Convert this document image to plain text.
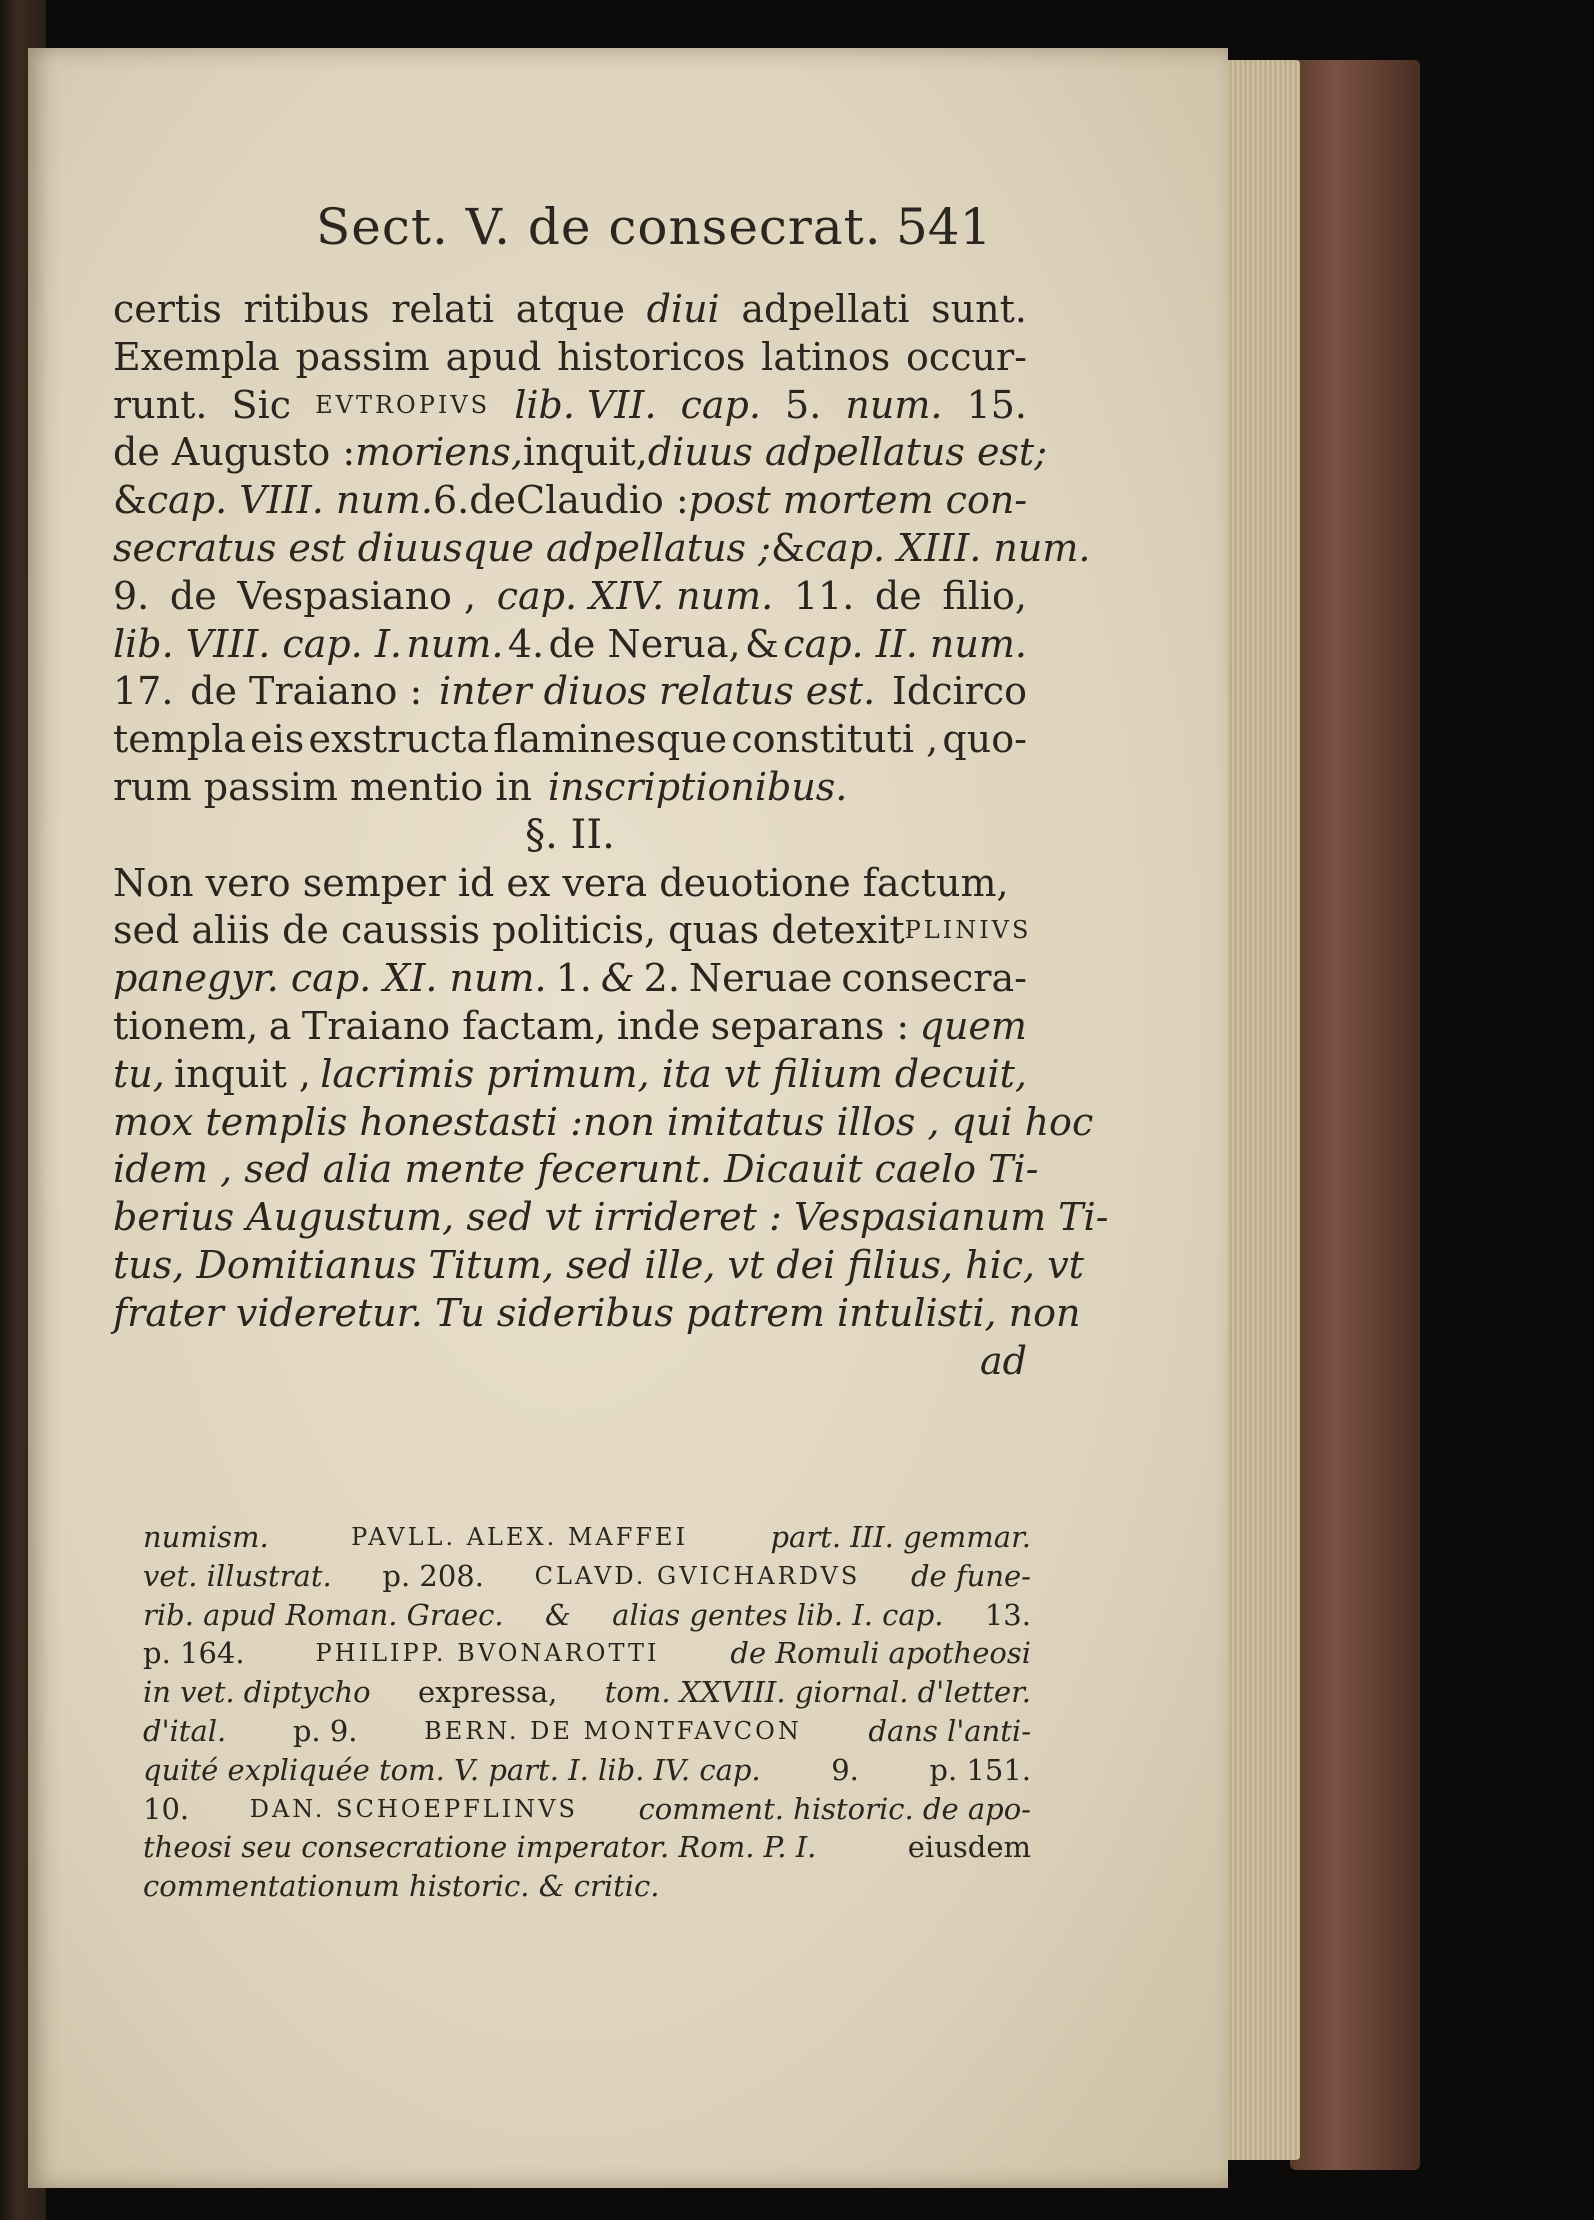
Sect. V. de consecrat. 541
certis ritibus relati atque diui adpellati sunt.
Exempla passim apud historicos latinos occur-
runt. Sic EVTROPIVS lib. VII. cap. 5. num. 15.
de Augusto : moriens, inquit, diuus adpellatus est;
& cap. VIII. num. 6. de Claudio : post mortem con-
secratus est diuusque adpellatus ; & cap. XIII. num.
9. de Vespasiano , cap. XIV. num. 11. de filio,
lib. VIII. cap. I. num. 4. de Nerua, & cap. II. num.
17. de Traiano : inter diuos relatus est. Idcirco
templa eis exstructa flaminesque constituti , quo-
rum passim mentio in inscriptionibus.
§. II.
Non vero semper id ex vera deuotione factum,
sed aliis de caussis politicis, quas detexit PLINIVS
panegyr. cap. XI. num. 1. & 2. Neruae consecra-
tionem, a Traiano factam, inde separans : quem
tu, inquit , lacrimis primum, ita vt filium decuit,
mox templis honestasti : non imitatus illos , qui hoc
idem , sed alia mente fecerunt. Dicauit caelo Ti-
berius Augustum, sed vt irrideret : Vespasianum Ti-
tus, Domitianus Titum, sed ille, vt dei filius, hic, vt
frater videretur. Tu sideribus patrem intulisti, non
ad
numism.	PAVLL. ALEX. MAFFEI	part. III. gemmar.
vet. illustrat. p. 208. CLAVD. GVICHARDVS de fune-
rib. apud Roman. Graec. & alias gentes lib. I. cap. 13.
p. 164.	PHILIPP. BVONAROTTI de Romuli apotheosi
in vet. diptycho expressa, tom. XXVIII. giornal. d'letter.
d'ital. p. 9.	BERN. DE MONTFAVCON dans l'anti-
quité expliquée tom. V. part. I. lib. IV. cap. 9. p. 151.
10.	DAN. SCHOEPFLINVS comment. historic. de apo-
theosi seu consecratione imperator. Rom. P. I.	eiusdem
commentationum historic. & critic.
